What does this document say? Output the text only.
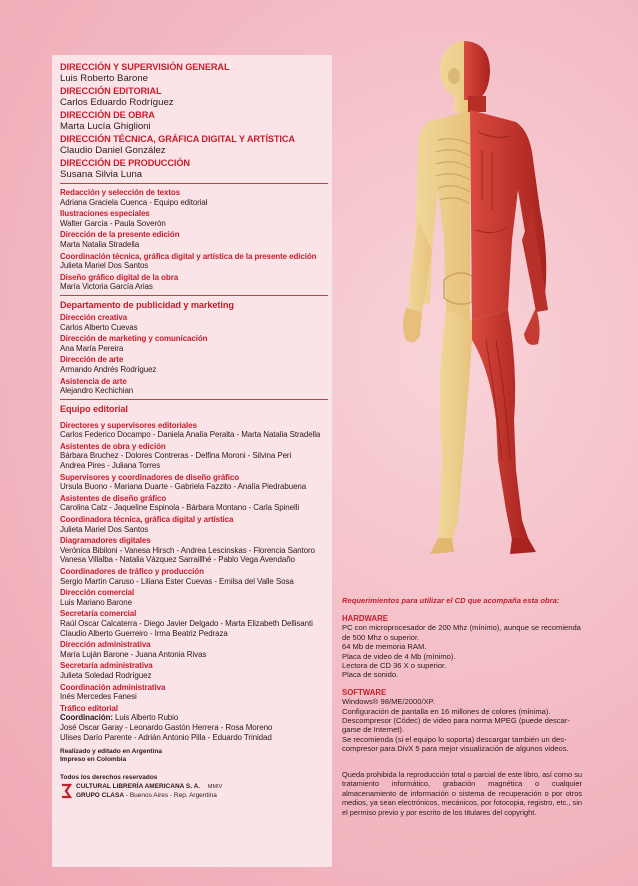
DIRECCIÓN Y SUPERVISIÓN GENERAL
Luis Roberto Barone
DIRECCIÓN EDITORIAL
Carlos Eduardo Rodríguez
DIRECCIÓN DE OBRA
Marta Lucía Ghiglioni
DIRECCIÓN TÉCNICA, GRÁFICA DIGITAL Y ARTÍSTICA
Claudio Daniel González
DIRECCIÓN DE PRODUCCIÓN
Susana Silvia Luna
Redacción y selección de textos
Adriana Graciela Cuenca - Equipo editorial
Ilustraciones especiales
Walter García - Paula Soverón
Dirección de la presente edición
Marta Natalia Stradella
Coordinación técnica, gráfica digital y artística de la presente edición
Julieta Mariel Dos Santos
Diseño gráfico digital de la obra
María Victoria García Arias
Departamento de publicidad y marketing
Dirección creativa
Carlos Alberto Cuevas
Dirección de marketing y comunicación
Ana María Pereira
Dirección de arte
Armando Andrés Rodríguez
Asistencia de arte
Alejandro Kechichian
Equipo editorial
Directores y supervisores editoriales
Carlos Federico Docampo - Daniela Analía Peralta - Marta Natalia Stradella
Asistentes de obra y edición
Bárbara Bruchez - Dolores Contreras - Delfina Moroni - Silvina Peri
Andrea Pires - Juliana Torres
Supervisores y coordinadores de diseño gráfico
Ursula Buono - Mariana Duarte - Gabriela Fazzito - Analía Piedrabuena
Asistentes de diseño gráfico
Carolina Catz - Jaqueline Espinola - Bárbara Montano - Carla Spinelli
Coordinadora técnica, gráfica digital y artística
Julieta Mariel Dos Santos
Diagramadores digitales
Verónica Bibiloni - Vanesa Hirsch - Andrea Lescinskas - Florencia Santoro
Vanesa Villalba - Natalia Vázquez Sarraillhé - Pablo Vega Avendaño
Coordinadores de tráfico y producción
Sergio Martín Caruso - Liliana Ester Cuevas - Emilsa del Valle Sosa
Dirección comercial
Luis Mariano Barone
Secretaría comercial
Raúl Oscar Calcaterra - Diego Javier Delgado - Marta Elizabeth Dellisanti
Claudio Alberto Guerreiro - Irma Beatriz Pedraza
Dirección administrativa
María Luján Barone - Juana Antonia Rivas
Secretaría administrativa
Julieta Soledad Rodríguez
Coordinación administrativa
Inés Mercedes Fanesi
Tráfico editorial
Coordinación: Luis Alberto Rubio
José Oscar Garay - Leonardo Gastón Herrera - Rosa Moreno
Ulises Darío Parente - Adrián Antonio Pilla - Eduardo Trinidad
Realizado y editado en Argentina
Impreso en Colombia
Todos los derechos reservados
CULTURAL LIBRERÍA AMERICANA S. A. MMIV
GRUPO CLASA - Buenos Aires - Rep. Argentina
Requerimientos para utilizar el CD que acompaña esta obra:
HARDWARE
PC con microprocesador de 200 Mhz (mínimo), aunque se recomienda
de 500 Mhz o superior.
64 Mb de memoria RAM.
Placa de video de 4 Mb (mínimo).
Lectora de CD 36 X o superior.
Placa de sonido.
SOFTWARE
Windows® 98/ME/2000/XP.
Configuración de pantalla en 16 millones de colores (mínima).
Descompresor (Códec) de video para norma MPEG (puede descar-
garse de Internet).
Se recomienda (si el equipo lo soporta) descargar también un des-
compresor para DivX 5 para mejor visualización de algunos videos.
Queda prohibida la reproducción total o parcial de este libro, así como su tratamiento informático, grabación magnética o cualquier almacenamiento de información o sistema de recuperación o por otros medios, ya sean electrónicos, mecánicos, por fotocopia, registro, etc., sin el permiso previo y por escrito de los titulares del copyright.
